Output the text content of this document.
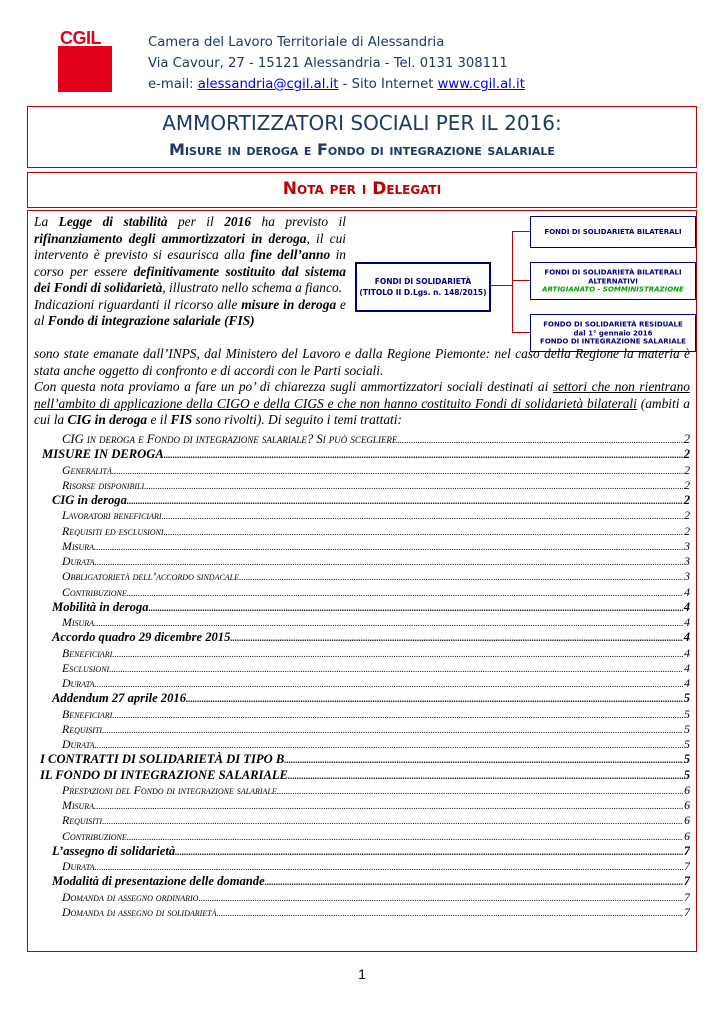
CGIL	Camera del Lavoro Territoriale di Alessandria
Via Cavour, 27 - 15121 Alessandria - Tel. 0131 308111
e-mail: alessandria@cgil.al.it - Sito Internet www.cgil.al.it
AMMORTIZZATORI SOCIALI PER IL 2016:
Misure in deroga e Fondo di integrazione salariale
Nota per i Delegati
FONDI DI SOLIDARIETÀ
(TITOLO II D.Lgs. n. 148/2015)
FONDI DI SOLIDARIETÀ BILATERALI
FONDI DI SOLIDARIETÀ BILATERALI
ALTERNATIVI
ARTIGIANATO - SOMMINISTRAZIONE
FONDO DI SOLIDARIETÀ RESIDUALE
dal 1° gennaio 2016
FONDO DI INTEGRAZIONE SALARIALE
La Legge di stabilità per il 2016 ha previsto il rifinanziamento degli ammortizzatori in deroga, il cui intervento è previsto si esaurisca alla fine dell’anno in corso per essere definitivamente sostituito dal sistema dei Fondi di solidarietà, illustrato nello schema a fianco.
Indicazioni riguardanti il ricorso alle misure in deroga e al Fondo di integrazione salariale (FIS)
sono state emanate dall’INPS, dal Ministero del Lavoro e dalla Regione Piemonte: nel caso della Regione la materia è stata anche oggetto di confronto e di accordi con le Parti sociali.
Con questa nota proviamo a fare un po’ di chiarezza sugli ammortizzatori sociali destinati ai settori che non rientrano nell’ambito di applicazione della CIGO e della CIGS e che non hanno costituito Fondi di solidarietà bilaterali (ambiti a cui la CIG in deroga e il FIS sono rivolti). Di seguito i temi trattati:
CIG in deroga e Fondo di integrazione salariale? Si può scegliere .....	2
MISURE IN DEROGA .....	2
Generalità .....	2
Risorse disponibili .....	2
CIG in deroga .....	2
Lavoratori beneficiari .....	2
Requisiti ed esclusioni .....	2
Misura .....	3
Durata .....	3
Obbligatorietà dell’accordo sindacale .....	3
Contribuzione .....	4
Mobilità in deroga .....	4
Misura .....	4
Accordo quadro 29 dicembre 2015 .....	4
Beneficiari .....	4
Esclusioni .....	4
Durata .....	4
Addendum 27 aprile 2016 .....	5
Beneficiari .....	5
Requisiti .....	5
Durata .....	5
I CONTRATTI DI SOLIDARIETÀ DI TIPO B .....	5
IL FONDO DI INTEGRAZIONE SALARIALE .....	5
Prestazioni del Fondo di integrazione salariale .....	6
Misura .....	6
Requisiti .....	6
Contribuzione .....	6
L’assegno di solidarietà .....	7
Durata .....	7
Modalità di presentazione delle domande .....	7
Domanda di assegno ordinario .....	7
Domanda di assegno di solidarietà .....	7
1
